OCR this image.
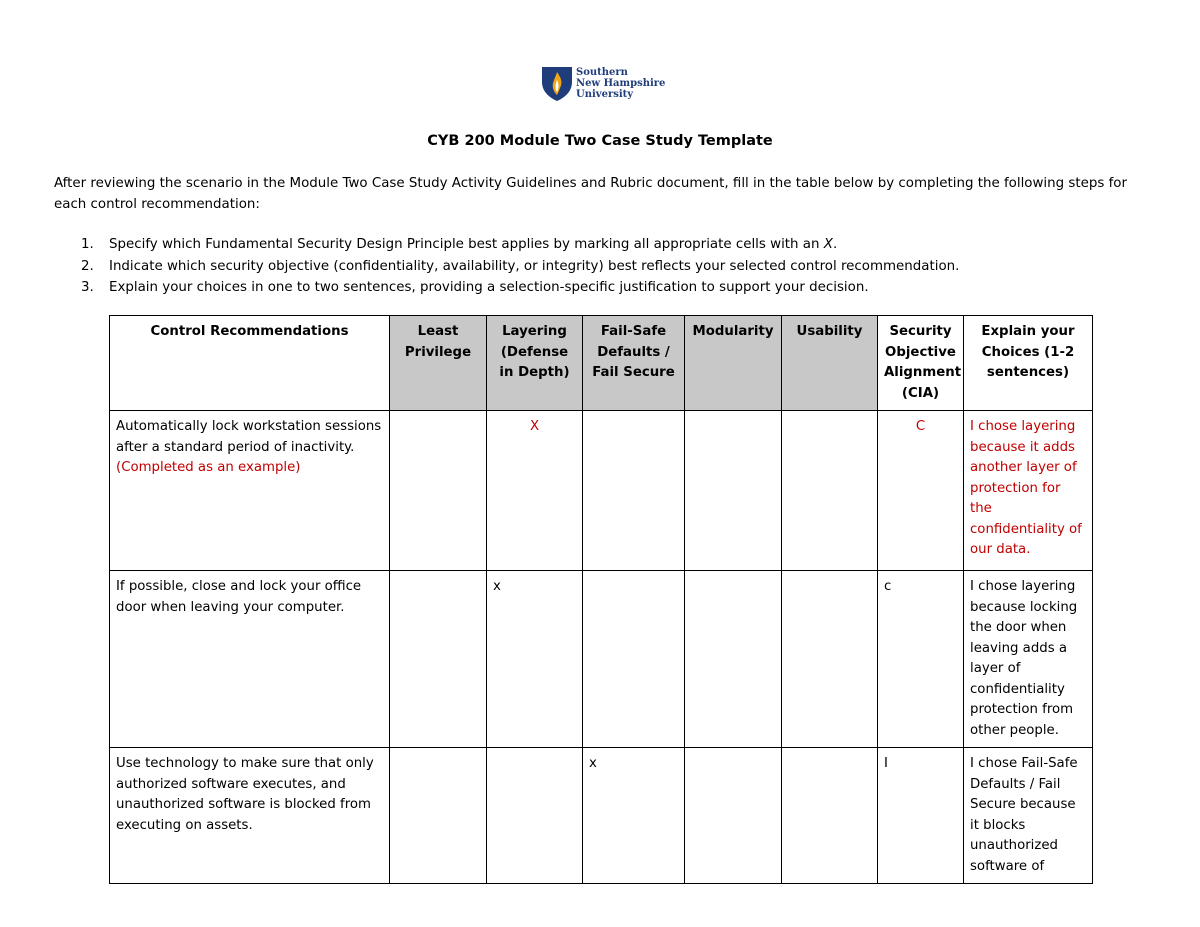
Southern
New Hampshire
University
CYB 200 Module Two Case Study Template

After reviewing the scenario in the Module Two Case Study Activity Guidelines and Rubric document, fill in the table below by completing the following steps for each control recommendation:

1. Specify which Fundamental Security Design Principle best applies by marking all appropriate cells with an X.
2. Indicate which security objective (confidentiality, availability, or integrity) best reflects your selected control recommendation.
3. Explain your choices in one to two sentences, providing a selection-specific justification to support your decision.
Control Recommendations	Least Privilege	Layering (Defense in Depth)	Fail-Safe Defaults / Fail Secure	Modularity	Usability	Security Objective Alignment (CIA)	Explain your Choices (1-2 sentences)
Automatically lock workstation sessions after a standard period of inactivity. (Completed as an example)		X				C	I chose layering because it adds another layer of protection for the confidentiality of our data.
If possible, close and lock your office door when leaving your computer.		x				c	I chose layering because locking the door when leaving adds a layer of confidentiality protection from other people.
Use technology to make sure that only authorized software executes, and unauthorized software is blocked from executing on assets.			x			I	I chose Fail-Safe Defaults / Fail Secure because it blocks unauthorized software of
